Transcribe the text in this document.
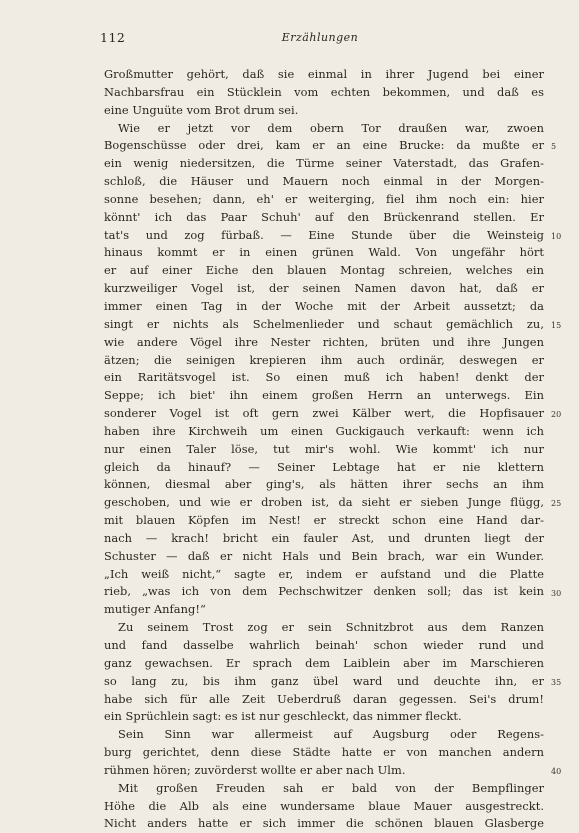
112	Erzählungen
Großmutter gehört, daß sie einmal in ihrer Jugend bei einer
Nachbarsfrau ein Stücklein vom echten bekommen, und daß es
eine Unguüte vom Brot drum sei.
Wie er jetzt vor dem obern Tor draußen war, zwoen
Bogenschüsse oder drei, kam er an eine Brucke: da mußte er
ein wenig niedersitzen, die Türme seiner Vaterstadt, das Grafen-
schloß, die Häuser und Mauern noch einmal in der Morgen-
sonne besehen; dann, eh' er weiterging, fiel ihm noch ein: hier
könnt' ich das Paar Schuh' auf den Brückenrand stellen. Er
tat's und zog fürbaß. — Eine Stunde über die Weinsteig
hinaus kommt er in einen grünen Wald. Von ungefähr hört
er auf einer Eiche den blauen Montag schreien, welches ein
kurzweiliger Vogel ist, der seinen Namen davon hat, daß er
immer einen Tag in der Woche mit der Arbeit aussetzt; da
singt er nichts als Schelmenlieder und schaut gemächlich zu,
wie andere Vögel ihre Nester richten, brüten und ihre Jungen
ätzen; die seinigen krepieren ihm auch ordinär, deswegen er
ein Raritätsvogel ist. So einen muß ich haben! denkt der
Seppe; ich biet' ihn einem großen Herrn an unterwegs. Ein
sonderer Vogel ist oft gern zwei Kälber wert, die Hopfisauer
haben ihre Kirchweih um einen Guckigauch verkauft: wenn ich
nur einen Taler löse, tut mir's wohl. Wie kommt' ich nur
gleich da hinauf? — Seiner Lebtage hat er nie klettern
können, diesmal aber ging's, als hätten ihrer sechs an ihm
geschoben, und wie er droben ist, da sieht er sieben Junge flügg,
mit blauen Köpfen im Nest! er streckt schon eine Hand dar-
nach — krach! bricht ein fauler Ast, und drunten liegt der
Schuster — daß er nicht Hals und Bein brach, war ein Wunder.
„Ich weiß nicht,“ sagte er, indem er aufstand und die Platte
rieb, „was ich von dem Pechschwitzer denken soll; das ist kein
mutiger Anfang!“
Zu seinem Trost zog er sein Schnitzbrot aus dem Ranzen
und fand dasselbe wahrlich beinah' schon wieder rund und
ganz gewachsen. Er sprach dem Laiblein aber im Marschieren
so lang zu, bis ihm ganz übel ward und deuchte ihn, er
habe sich für alle Zeit Ueberdruß daran gegessen. Sei's drum!
ein Sprüchlein sagt: es ist nur geschleckt, das nimmer fleckt.
Sein Sinn war allermeist auf Augsburg oder Regens-
burg gerichtet, denn diese Städte hatte er von manchen andern
rühmen hören; zuvörderst wollte er aber nach Ulm.
Mit großen Freuden sah er bald von der Bempflinger
Höhe die Alb als eine wundersame blaue Mauer ausgestreckt.
Nicht anders hatte er sich immer die schönen blauen Glasberge
5
10
15
20
25
30
35
40
